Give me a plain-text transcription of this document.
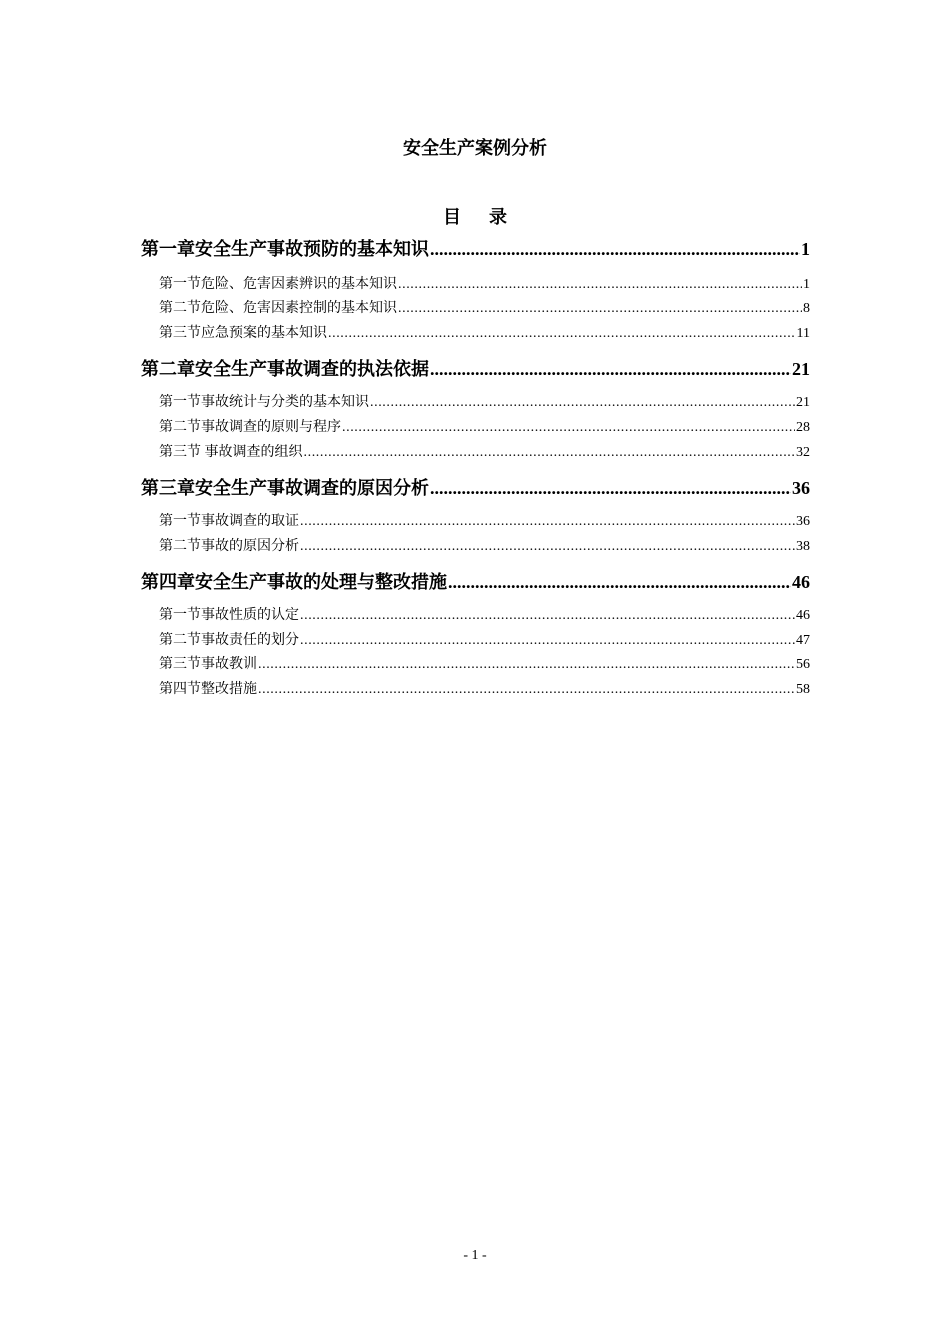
安全生产案例分析
目录
第一章安全生产事故预防的基本知识 .....	1
第一节危险、危害因素辨识的基本知识 .....	1
第二节危险、危害因素控制的基本知识 .....	8
第三节应急预案的基本知识 .....	11
第二章安全生产事故调查的执法依据 .....	21
第一节事故统计与分类的基本知识 .....	21
第二节事故调查的原则与程序 .....	28
第三节 事故调查的组织 .....	32
第三章安全生产事故调查的原因分析 .....	36
第一节事故调查的取证 .....	36
第二节事故的原因分析 .....	38
第四章安全生产事故的处理与整改措施 .....	46
第一节事故性质的认定 .....	46
第二节事故责任的划分 .....	47
第三节事故教训 .....	56
第四节整改措施 .....	58
- 1 -
